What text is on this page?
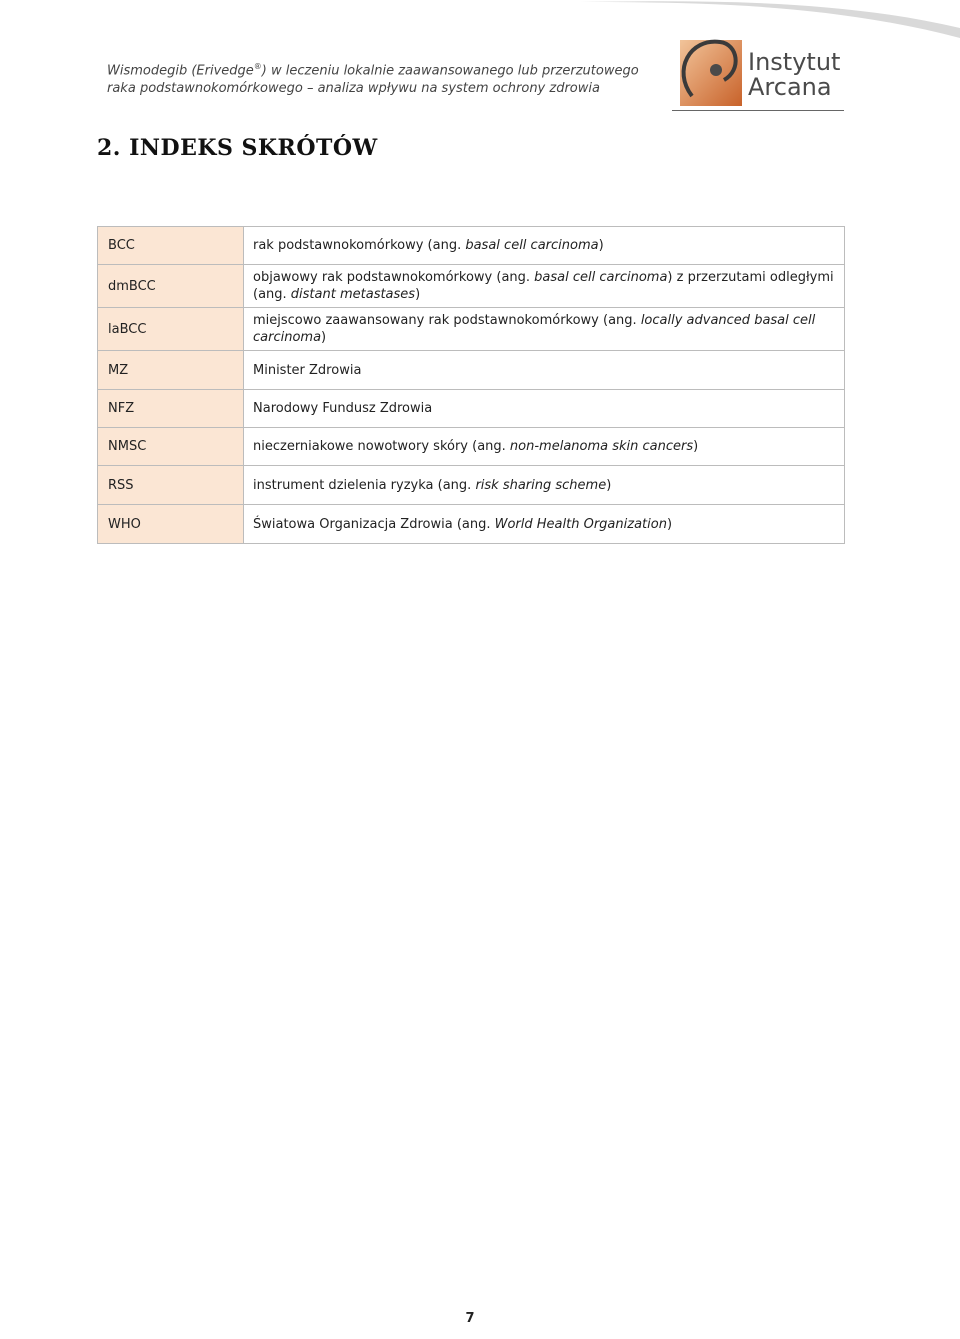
Wismodegib (Erivedge®) w leczeniu lokalnie zaawansowanego lub przerzutowego
raka podstawnokomórkowego – analiza wpływu na system ochrony zdrowia
Instytut
Arcana
2. INDEKS SKRÓTÓW
BCC	rak podstawnokomórkowy (ang. basal cell carcinoma)
dmBCC	objawowy rak podstawnokomórkowy (ang. basal cell carcinoma) z przerzutami odległymi (ang. distant metastases)
laBCC	miejscowo zaawansowany rak podstawnokomórkowy (ang. locally advanced basal cell carcinoma)
MZ	Minister Zdrowia
NFZ	Narodowy Fundusz Zdrowia
NMSC	nieczerniakowe nowotwory skóry (ang. non-melanoma skin cancers)
RSS	instrument dzielenia ryzyka (ang. risk sharing scheme)
WHO	Światowa Organizacja Zdrowia (ang. World Health Organization)
7
